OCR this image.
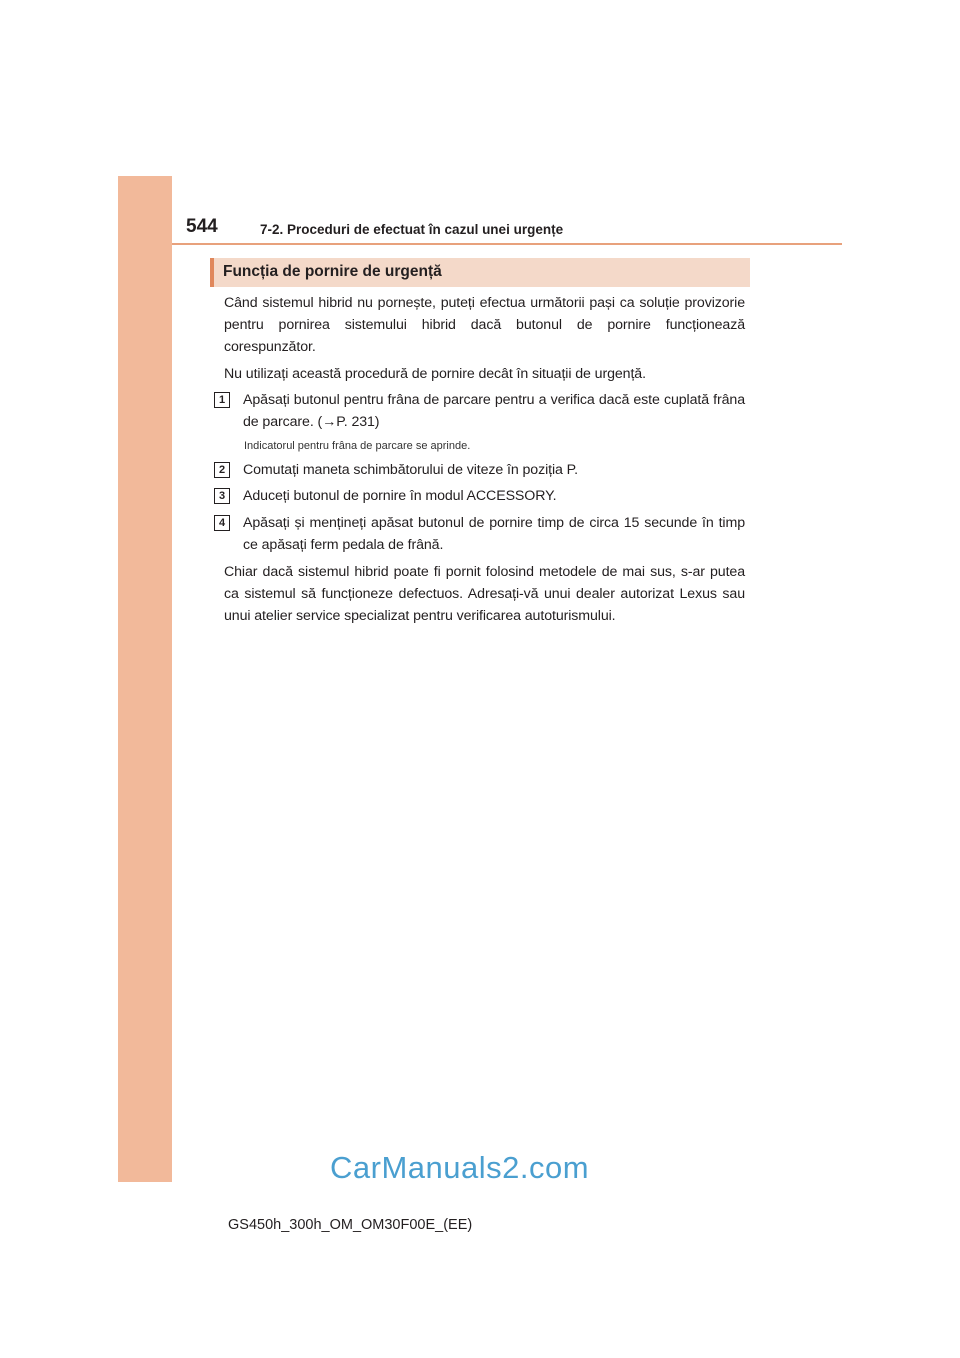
544	7-2. Proceduri de efectuat în cazul unei urgențe
Funcția de pornire de urgență
Când sistemul hibrid nu pornește, puteți efectua următorii pași ca soluție provizorie pentru pornirea sistemului hibrid dacă butonul de pornire funcționează corespunzător.
Nu utilizați această procedură de pornire decât în situații de urgență.
1	Apăsați butonul pentru frâna de parcare pentru a verifica dacă este cuplată frâna de parcare. (→P. 231)
Indicatorul pentru frâna de parcare se aprinde.
2	Comutați maneta schimbătorului de viteze în poziția P.
3	Aduceți butonul de pornire în modul ACCESSORY.
4	Apăsați și mențineți apăsat butonul de pornire timp de circa 15 secunde în timp ce apăsați ferm pedala de frână.
Chiar dacă sistemul hibrid poate fi pornit folosind metodele de mai sus, s-ar putea ca sistemul să funcționeze defectuos. Adresați-vă unui dealer autorizat Lexus sau unui atelier service specializat pentru verificarea autoturismului.
CarManuals2.com
GS450h_300h_OM_OM30F00E_(EE)
